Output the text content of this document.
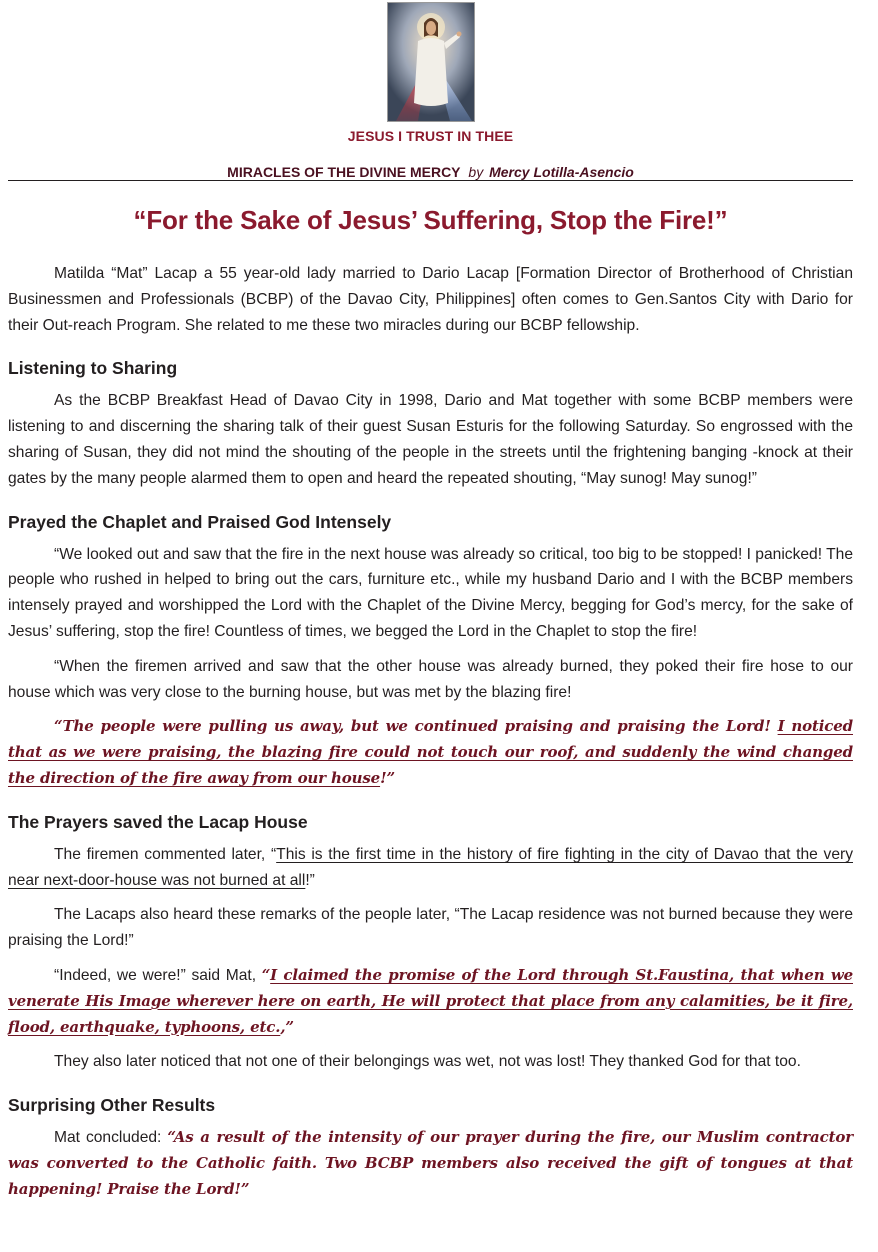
JESUS I TRUST IN THEE
MIRACLES OF THE DIVINE MERCY by Mercy Lotilla-Asencio
“For the Sake of Jesus’ Suffering, Stop the Fire!”

Matilda “Mat” Lacap a 55 year-old lady married to Dario Lacap [Formation Director of Brotherhood of Christian Businessmen and Professionals (BCBP) of the Davao City, Philippines] often comes to Gen.Santos City with Dario for their Out-reach Program. She related to me these two miracles during our BCBP fellowship.

Listening to Sharing

As the BCBP Breakfast Head of Davao City in 1998, Dario and Mat together with some BCBP members were listening to and discerning the sharing talk of their guest Susan Esturis for the following Saturday. So engrossed with the sharing of Susan, they did not mind the shouting of the people in the streets until the frightening banging -knock at their gates by the many people alarmed them to open and heard the repeated shouting, “May sunog! May sunog!”

Prayed the Chaplet and Praised God Intensely

“We looked out and saw that the fire in the next house was already so critical, too big to be stopped! I panicked! The people who rushed in helped to bring out the cars, furniture etc., while my husband Dario and I with the BCBP members intensely prayed and worshipped the Lord with the Chaplet of the Divine Mercy, begging for God’s mercy, for the sake of Jesus’ suffering, stop the fire! Countless of times, we begged the Lord in the Chaplet to stop the fire!

“When the firemen arrived and saw that the other house was already burned, they poked their fire hose to our house which was very close to the burning house, but was met by the blazing fire!

“The people were pulling us away, but we continued praising and praising the Lord! I noticed that as we were praising, the blazing fire could not touch our roof, and suddenly the wind changed the direction of the fire away from our house!”

The Prayers saved the Lacap House

The firemen commented later, “This is the first time in the history of fire fighting in the city of Davao that the very near next-door-house was not burned at all!”

The Lacaps also heard these remarks of the people later, “The Lacap residence was not burned because they were praising the Lord!”

“Indeed, we were!” said Mat, “I claimed the promise of the Lord through St.Faustina, that when we venerate His Image wherever here on earth, He will protect that place from any calamities, be it fire, flood, earthquake, typhoons, etc.,”

They also later noticed that not one of their belongings was wet, not was lost! They thanked God for that too.

Surprising Other Results

Mat concluded: “As a result of the intensity of our prayer during the fire, our Muslim contractor was converted to the Catholic faith. Two BCBP members also received the gift of tongues at that happening! Praise the Lord!”
